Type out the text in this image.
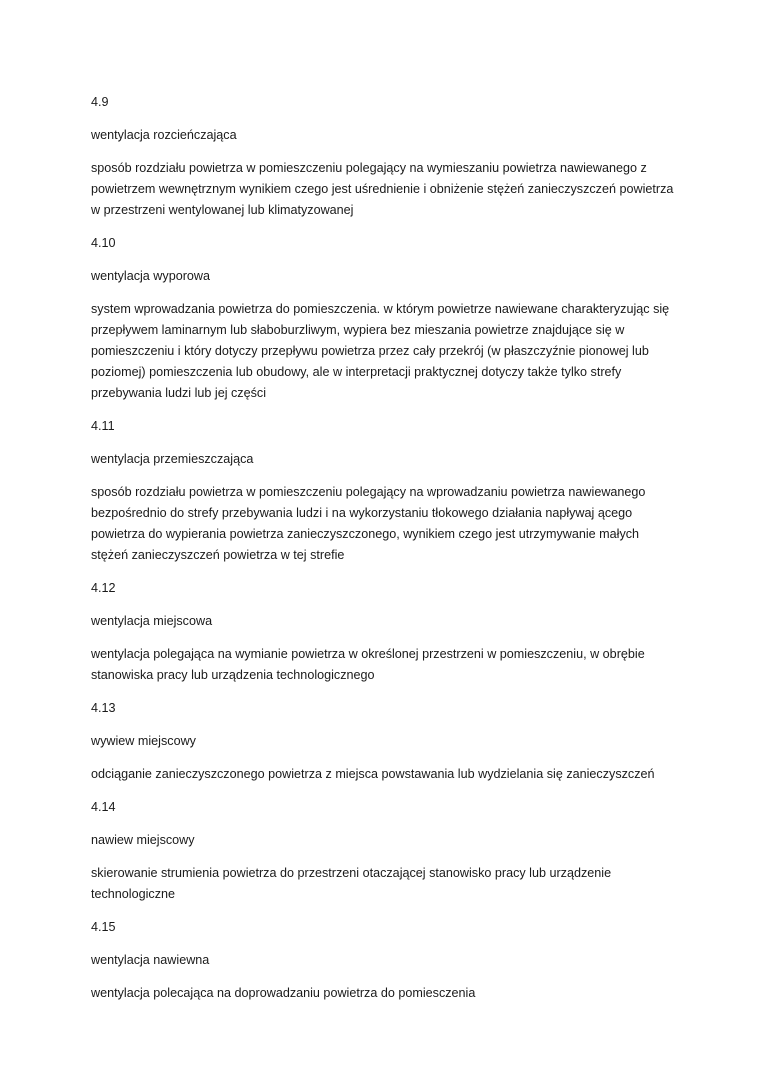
4.9

wentylacja rozcieńczająca

sposób rozdziału powietrza w pomieszczeniu polegający na wymieszaniu powietrza nawiewanego z powietrzem wewnętrznym wynikiem czego jest uśrednienie i obniżenie stężeń zanieczyszczeń powietrza w przestrzeni wentylowanej lub klimatyzowanej

4.10

wentylacja wyporowa

system wprowadzania powietrza do pomieszczenia. w którym powietrze nawiewane charakteryzując się przepływem laminarnym lub słaboburzliwym, wypiera bez mieszania powietrze znajdujące się w pomieszczeniu i który dotyczy przepływu powietrza przez cały przekrój (w płaszczyźnie pionowej lub poziomej) pomieszczenia lub obudowy, ale w interpretacji praktycznej dotyczy także tylko strefy przebywania ludzi lub jej części

4.11

wentylacja przemieszczająca

sposób rozdziału powietrza w pomieszczeniu polegający na wprowadzaniu powietrza nawiewanego bezpośrednio do strefy przebywania ludzi i na wykorzystaniu tłokowego działania napływaj ącego powietrza do wypierania powietrza zanieczyszczonego, wynikiem czego jest utrzymywanie małych stężeń zanieczyszczeń powietrza w tej strefie

4.12

wentylacja miejscowa

wentylacja polegająca na wymianie powietrza w określonej przestrzeni w pomieszczeniu, w obrębie stanowiska pracy lub urządzenia technologicznego

4.13

wywiew miejscowy

odciąganie zanieczyszczonego powietrza z miejsca powstawania lub wydzielania się zanieczyszczeń

4.14

nawiew miejscowy

skierowanie strumienia powietrza do przestrzeni otaczającej stanowisko pracy lub urządzenie technologiczne

4.15

wentylacja nawiewna

wentylacja polecająca na doprowadzaniu powietrza do pomiesczenia
